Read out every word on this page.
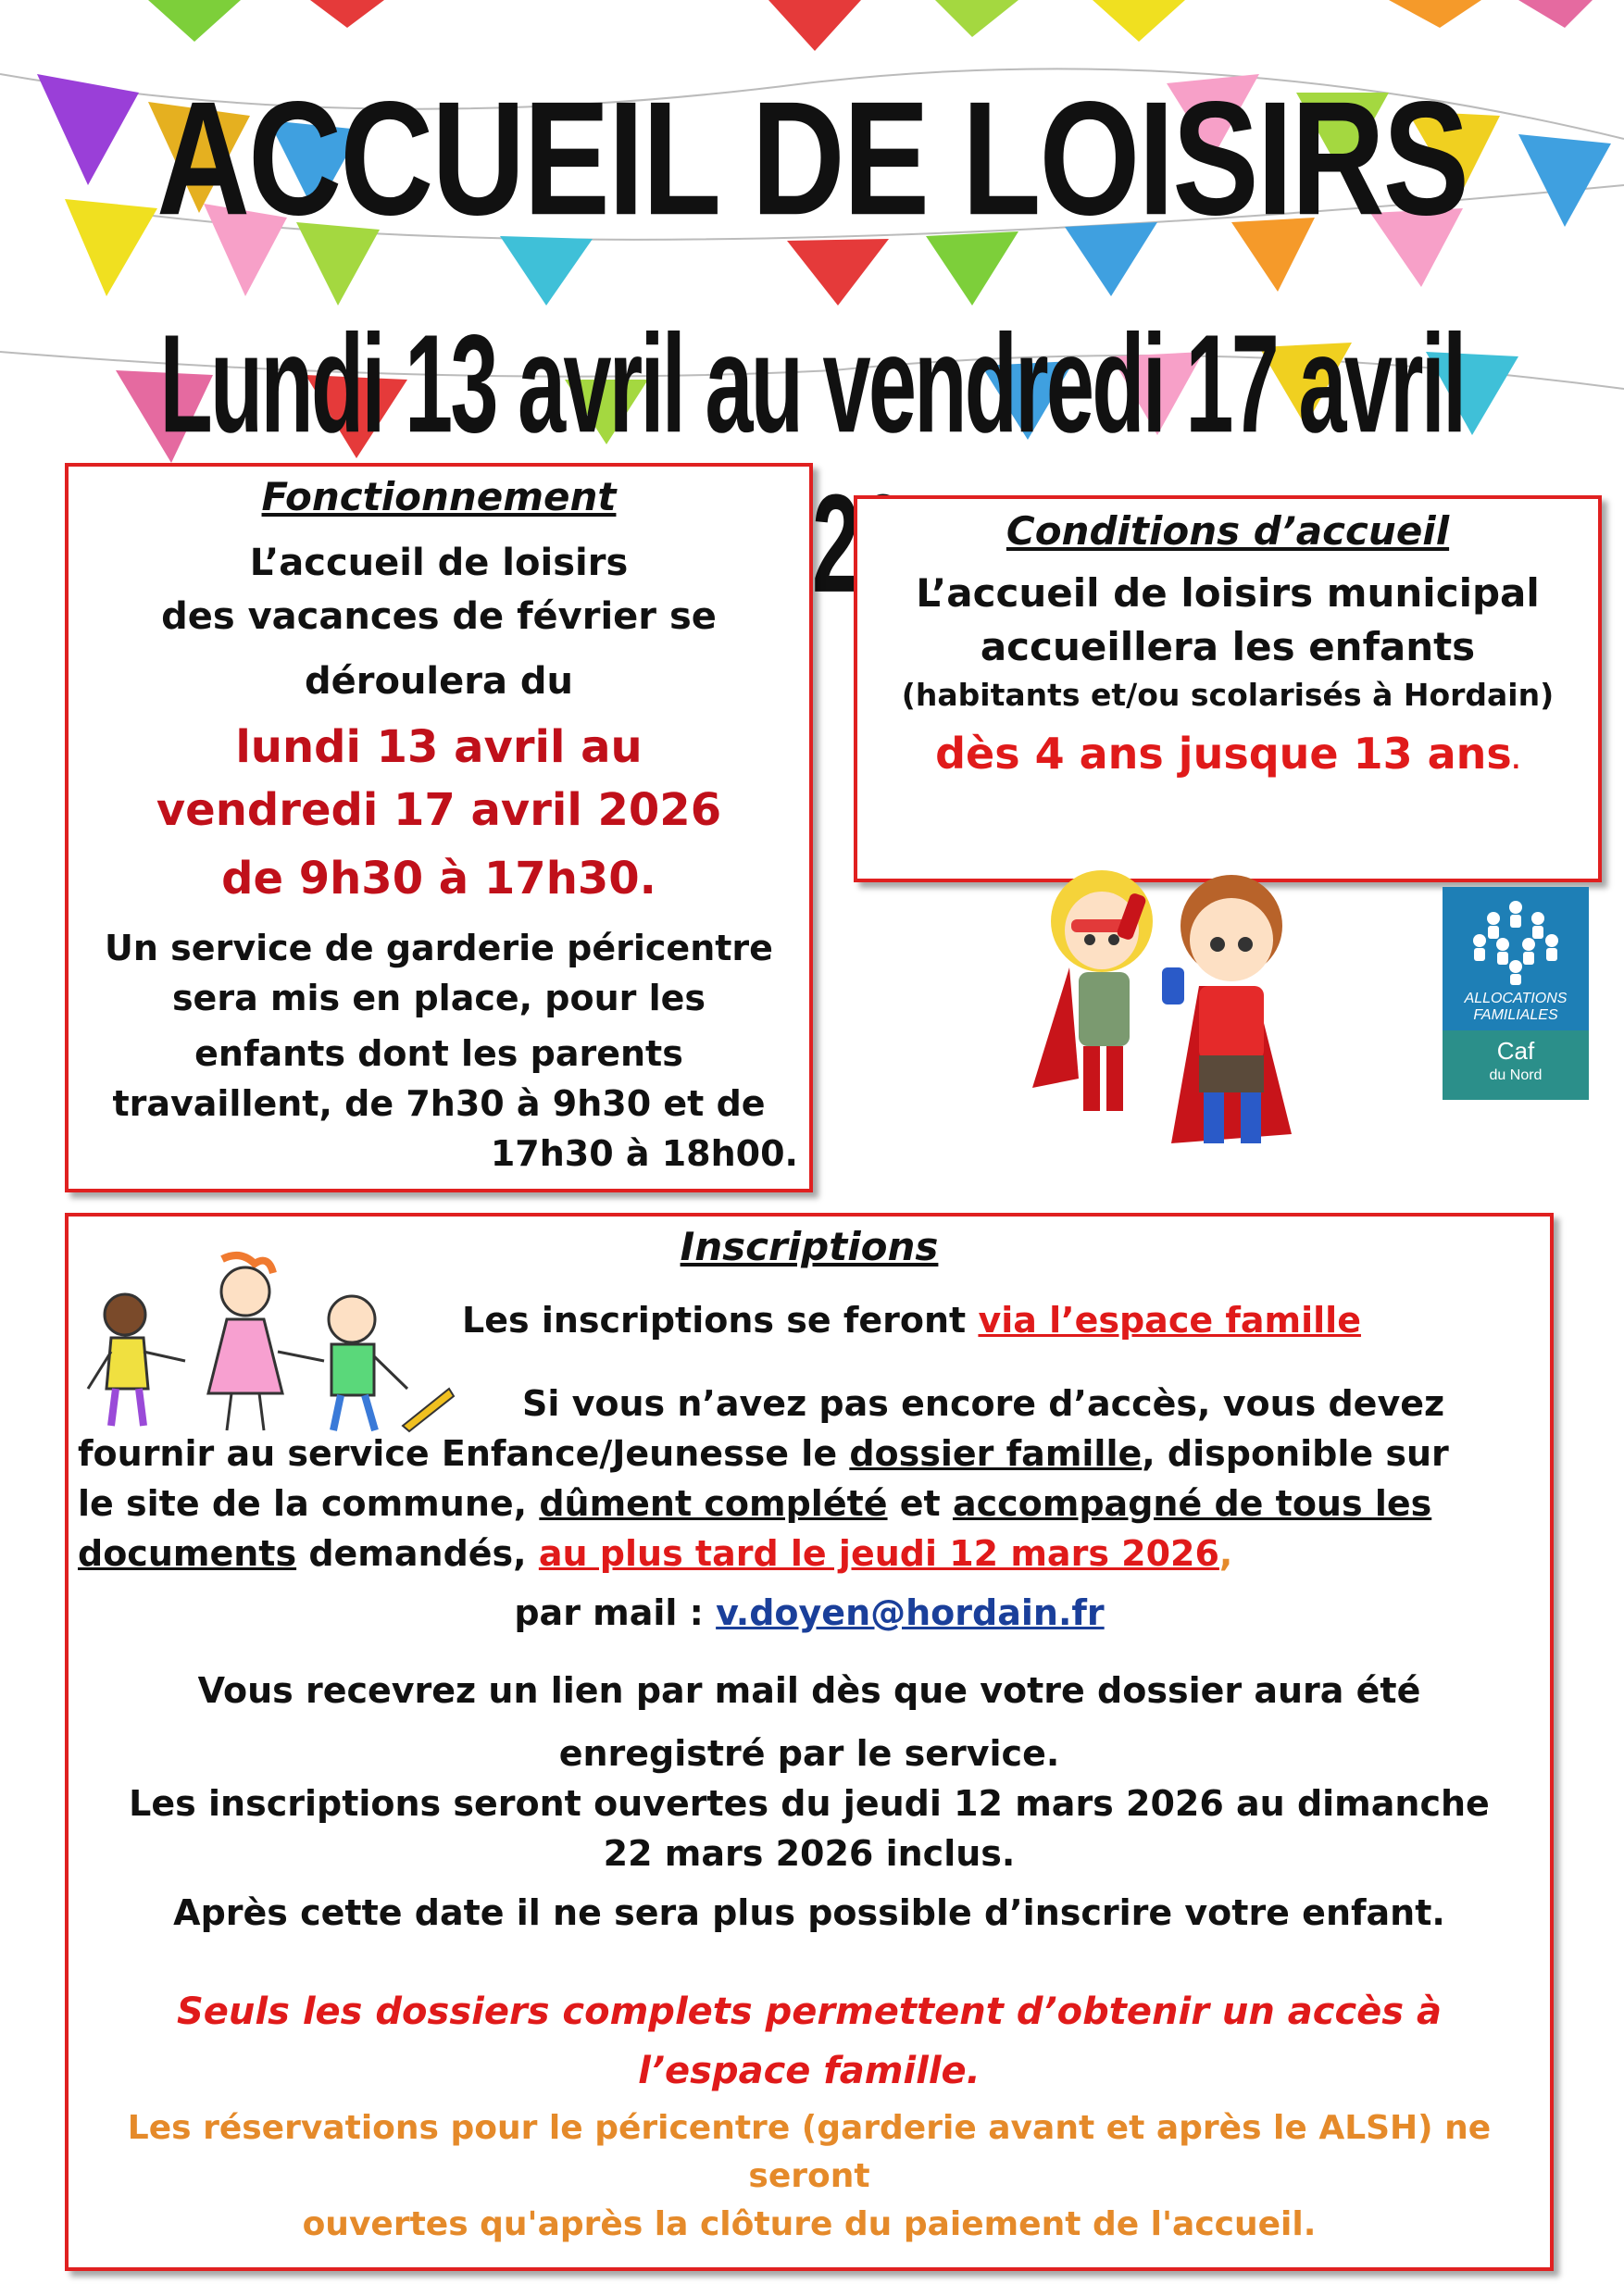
ACCUEIL DE LOISIRS
Lundi 13 avril au vendredi 17 avril
Fonctionnement
L’accueil de loisirs
des vacances de février se
déroulera du
lundi 13 avril au
vendredi 17 avril 2026
de 9h30 à 17h30.
Un service de garderie péricentre
sera mis en place, pour les
enfants dont les parents
travaillent, de 7h30 à 9h30 et de
17h30 à 18h00.
Conditions d’accueil
L’accueil de loisirs municipal
accueillera les enfants
(habitants et/ou scolarisés à Hordain)
dès 4 ans jusque 13 ans.
ALLOCATIONS
FAMILIALES
Caf
du Nord
Inscriptions
Les inscriptions se feront via l’espace famille
Si vous n’avez pas encore d’accès, vous devez
fournir au service Enfance/Jeunesse le dossier famille, disponible sur
le site de la commune, dûment complété et accompagné de tous les
documents demandés, au plus tard le jeudi 12 mars 2026,
par mail : v.doyen@hordain.fr
Vous recevrez un lien par mail dès que votre dossier aura été
enregistré par le service.
Les inscriptions seront ouvertes du jeudi 12 mars 2026 au dimanche
22 mars 2026 inclus.
Après cette date il ne sera plus possible d’inscrire votre enfant.
Seuls les dossiers complets permettent d’obtenir un accès à
l’espace famille.
Les réservations pour le péricentre (garderie avant et après le ALSH) ne seront
ouvertes qu'après la clôture du paiement de l'accueil.
